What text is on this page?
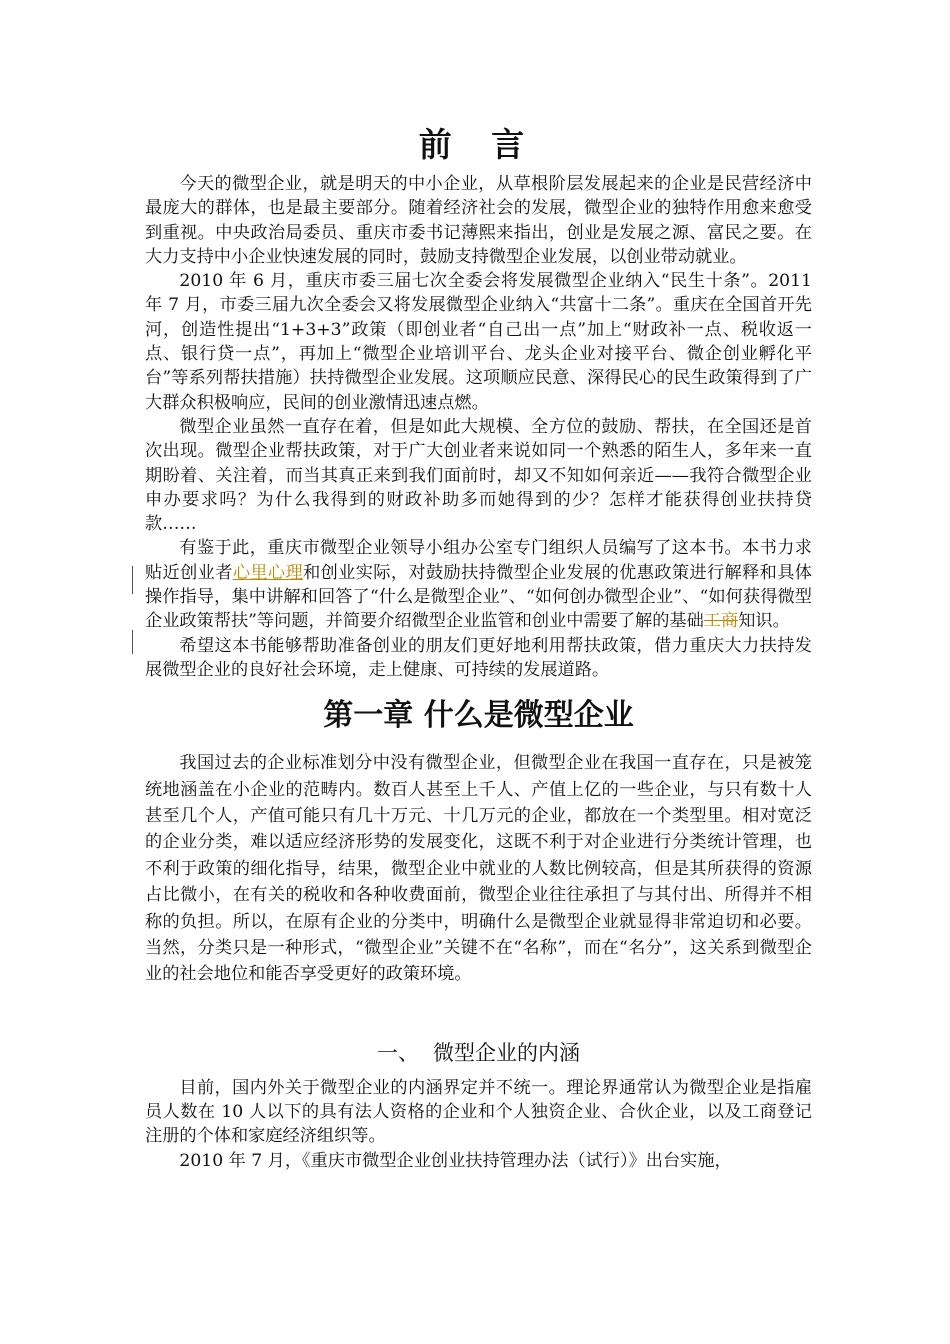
前 言

今天的微型企业，就是明天的中小企业，从草根阶层发展起来的企业是民营经济中最庞大的群体，也是最主要部分。随着经济社会的发展，微型企业的独特作用愈来愈受到重视。中央政治局委员、重庆市委书记薄熙来指出，创业是发展之源、富民之要。在大力支持中小企业快速发展的同时，鼓励支持微型企业发展，以创业带动就业。

2010 年 6 月，重庆市委三届七次全委会将发展微型企业纳入“民生十条”。2011 年 7 月，市委三届九次全委会又将发展微型企业纳入“共富十二条”。重庆在全国首开先河，创造性提出“1+3+3”政策（即创业者“自己出一点”加上“财政补一点、税收返一点、银行贷一点”，再加上“微型企业培训平台、龙头企业对接平台、微企创业孵化平台”等系列帮扶措施）扶持微型企业发展。这项顺应民意、深得民心的民生政策得到了广大群众积极响应，民间的创业激情迅速点燃。

微型企业虽然一直存在着，但是如此大规模、全方位的鼓励、帮扶，在全国还是首次出现。微型企业帮扶政策，对于广大创业者来说如同一个熟悉的陌生人，多年来一直期盼着、关注着，而当其真正来到我们面前时，却又不知如何亲近——我符合微型企业申办要求吗？为什么我得到的财政补助多而她得到的少？怎样才能获得创业扶持贷款……

有鉴于此，重庆市微型企业领导小组办公室专门组织人员编写了这本书。本书力求贴近创业者心里心理和创业实际，对鼓励扶持微型企业发展的优惠政策进行解释和具体操作指导，集中讲解和回答了“什么是微型企业”、“如何创办微型企业”、“如何获得微型企业政策帮扶”等问题，并简要介绍微型企业监管和创业中需要了解的基础工商知识。

希望这本书能够帮助准备创业的朋友们更好地利用帮扶政策，借力重庆大力扶持发展微型企业的良好社会环境，走上健康、可持续的发展道路。

第一章 什么是微型企业

我国过去的企业标准划分中没有微型企业，但微型企业在我国一直存在，只是被笼统地涵盖在小企业的范畴内。数百人甚至上千人、产值上亿的一些企业，与只有数十人甚至几个人，产值可能只有几十万元、十几万元的企业，都放在一个类型里。相对宽泛的企业分类，难以适应经济形势的发展变化，这既不利于对企业进行分类统计管理，也不利于政策的细化指导，结果，微型企业中就业的人数比例较高，但是其所获得的资源占比微小，在有关的税收和各种收费面前，微型企业往往承担了与其付出、所得并不相称的负担。所以，在原有企业的分类中，明确什么是微型企业就显得非常迫切和必要。当然，分类只是一种形式，“微型企业”关键不在“名称”，而在“名分”，这关系到微型企业的社会地位和能否享受更好的政策环境。

一、 微型企业的内涵

目前，国内外关于微型企业的内涵界定并不统一。理论界通常认为微型企业是指雇员人数在 10 人以下的具有法人资格的企业和个人独资企业、合伙企业，以及工商登记注册的个体和家庭经济组织等。

2010 年 7 月，《重庆市微型企业创业扶持管理办法（试行）》出台实施，
